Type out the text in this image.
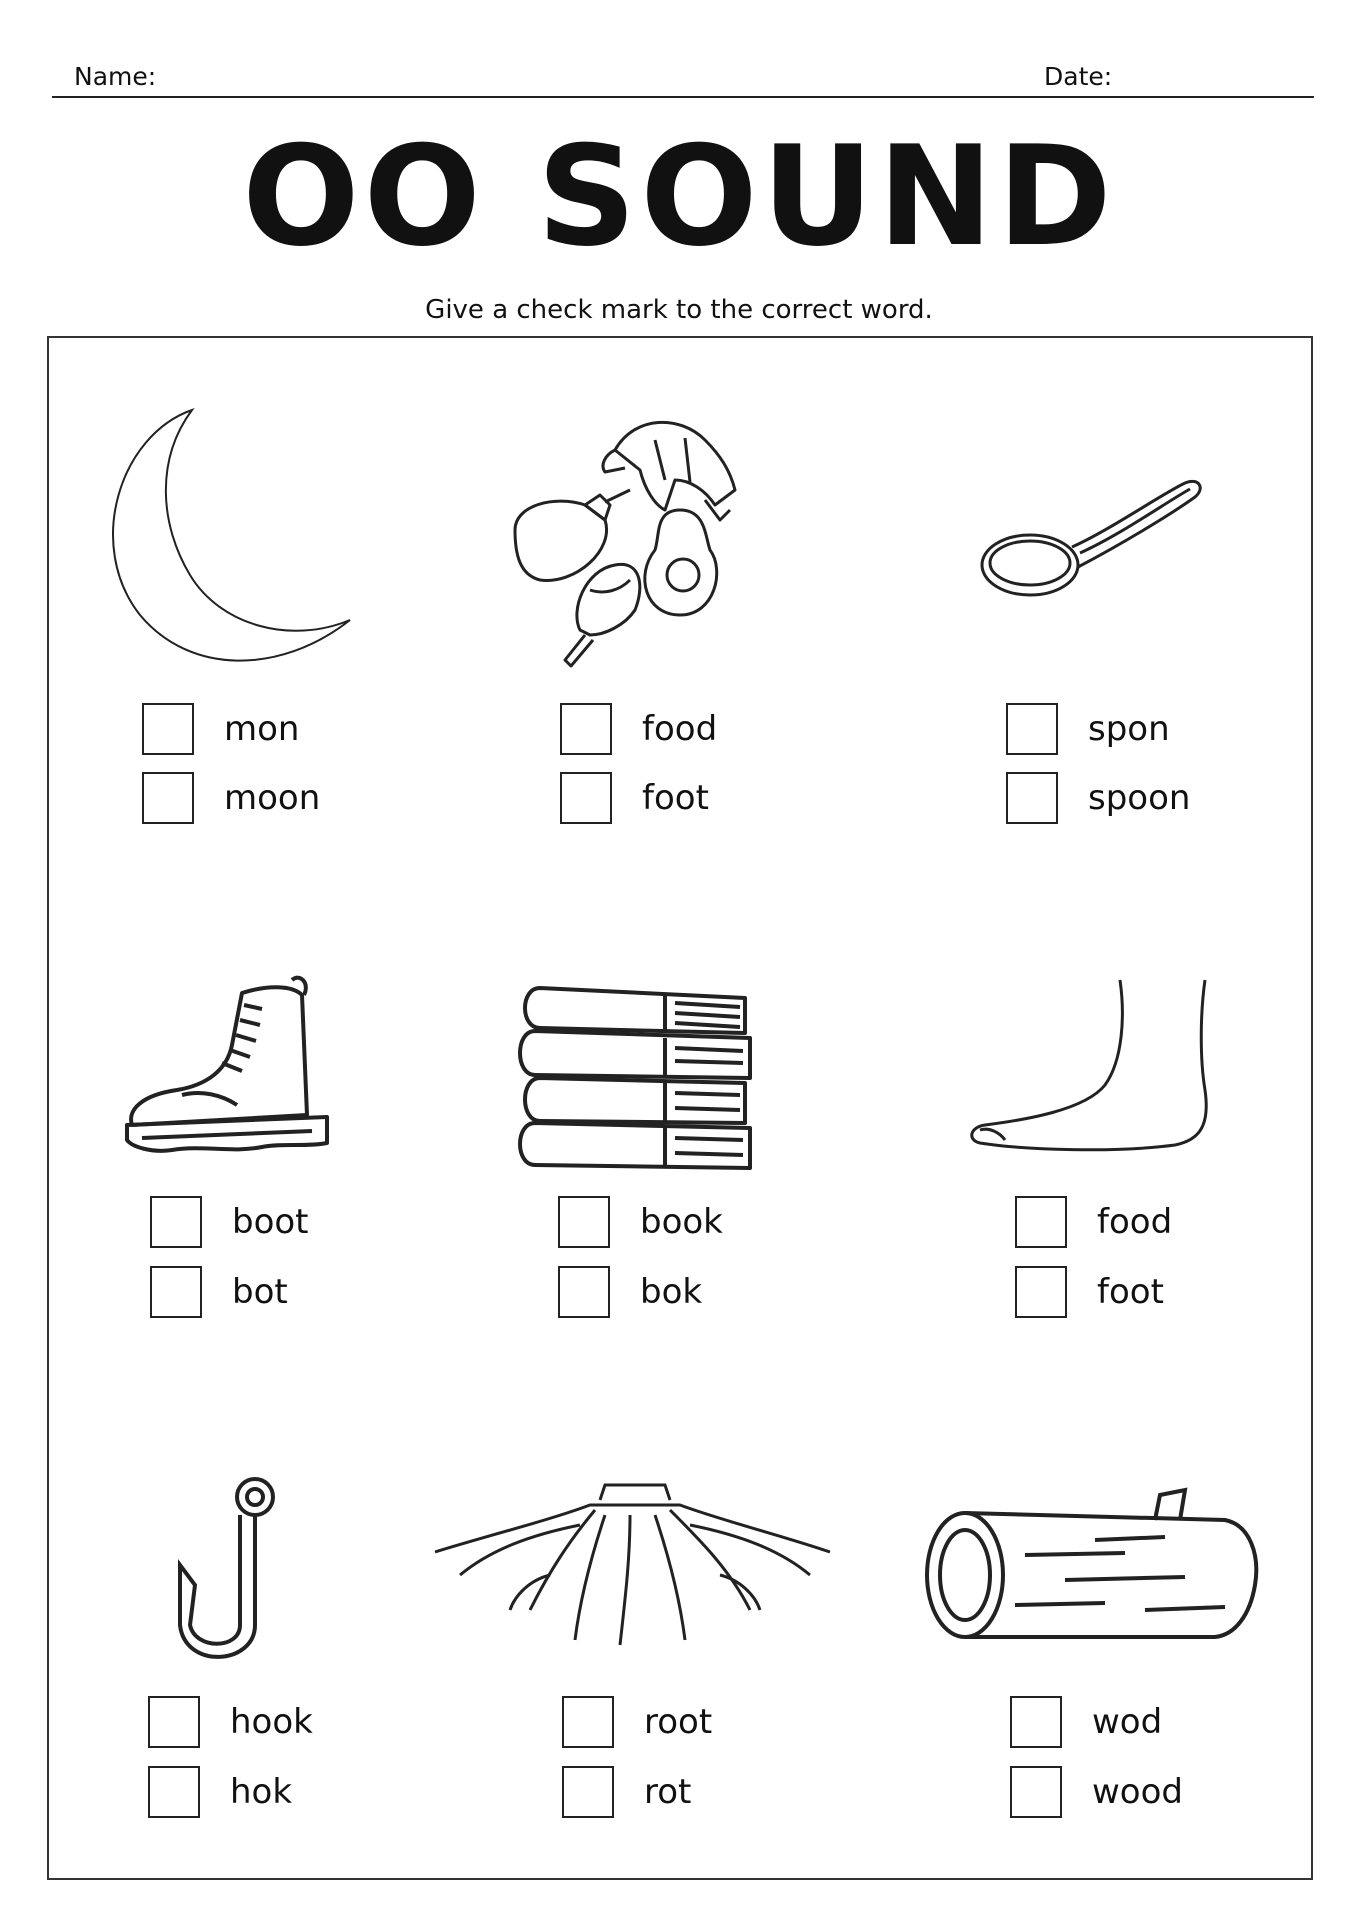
Name:	Date:
OO SOUND
Give a check mark to the correct word.
mon
moon
food
foot
spon
spoon
boot
bot
book
bok
food
foot
hook
hok
root
rot
wod
wood
